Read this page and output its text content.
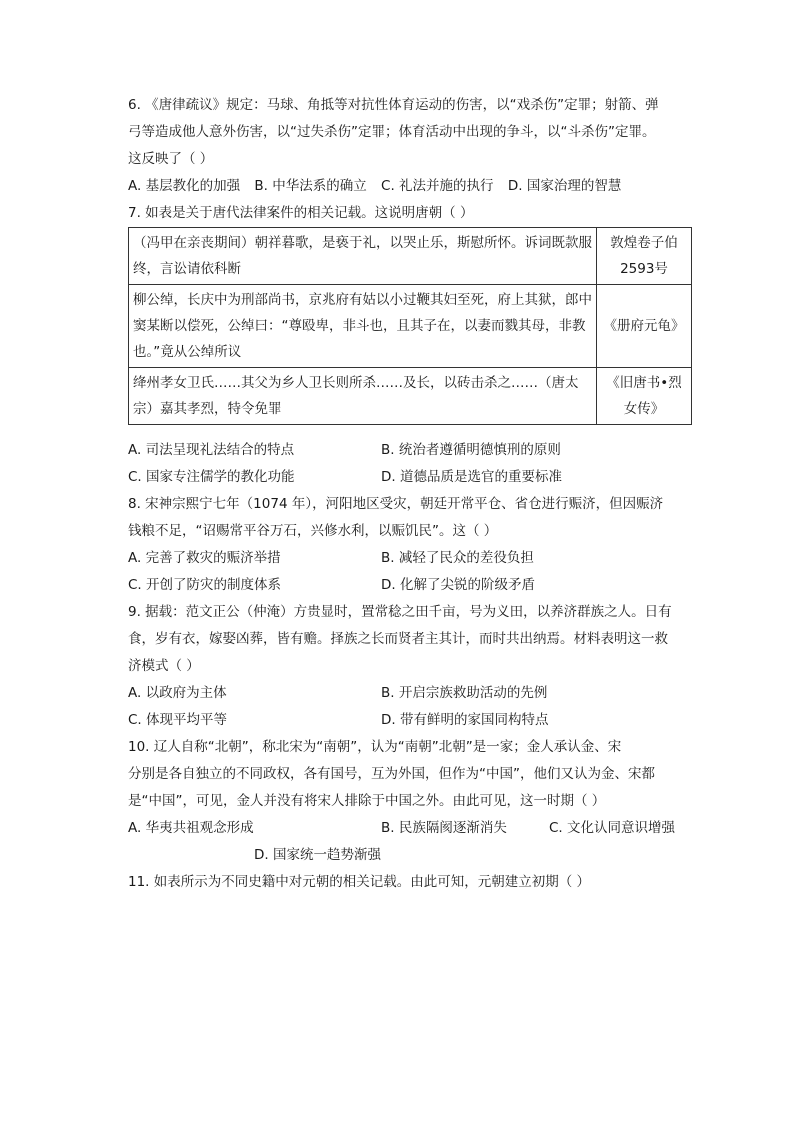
6. 《唐律疏议》规定：马球、角抵等对抗性体育运动的伤害，以“戏杀伤”定罪；射箭、弹
弓等造成他人意外伤害，以“过失杀伤”定罪；体育活动中出现的争斗，以“斗杀伤”定罪。
这反映了（ ）
A. 基层教化的加强 B. 中华法系的确立 C. 礼法并施的执行 D. 国家治理的智慧
7. 如表是关于唐代法律案件的相关记载。这说明唐朝（ ）
（冯甲在亲丧期间）朝祥暮歌，是亵于礼，以哭止乐，斯慰所怀。诉词既款服终，言讼请依科断	敦煌卷子伯2593号
柳公绰，长庆中为刑部尚书，京兆府有姑以小过鞭其妇至死，府上其狱，郎中窦某断以偿死，公绰曰：“尊殴卑，非斗也，且其子在，以妻而戮其母，非教也。”竟从公绰所议	《册府元龟》
绛州孝女卫氏……其父为乡人卫长则所杀……及长，以砖击杀之……（唐太宗）嘉其孝烈，特令免罪	《旧唐书•烈女传》
A. 司法呈现礼法结合的特点	B. 统治者遵循明德慎刑的原则
C. 国家专注儒学的教化功能	D. 道德品质是选官的重要标准
8. 宋神宗熙宁七年（1074 年），河阳地区受灾，朝廷开常平仓、省仓进行赈济，但因赈济
钱粮不足，“诏赐常平谷万石，兴修水利，以赈饥民”。这（ ）
A. 完善了救灾的赈济举措	B. 减轻了民众的差役负担
C. 开创了防灾的制度体系	D. 化解了尖锐的阶级矛盾
9. 据载：范文正公（仲淹）方贵显时，置常稔之田千亩，号为义田，以养济群族之人。日有
食，岁有衣，嫁娶凶葬，皆有赡。择族之长而贤者主其计，而时共出纳焉。材料表明这一救
济模式（ ）
A. 以政府为主体	B. 开启宗族救助活动的先例
C. 体现平均平等	D. 带有鲜明的家国同构特点
10. 辽人自称“北朝”，称北宋为“南朝”，认为“南朝”北朝”是一家；金人承认金、宋
分别是各自独立的不同政权，各有国号，互为外国，但作为“中国”，他们又认为金、宋都
是“中国”，可见，金人并没有将宋人排除于中国之外。由此可见，这一时期（ ）
A. 华夷共祖观念形成	B. 民族隔阂逐渐消失	C. 文化认同意识增强
D. 国家统一趋势渐强
11. 如表所示为不同史籍中对元朝的相关记载。由此可知，元朝建立初期（ ）
